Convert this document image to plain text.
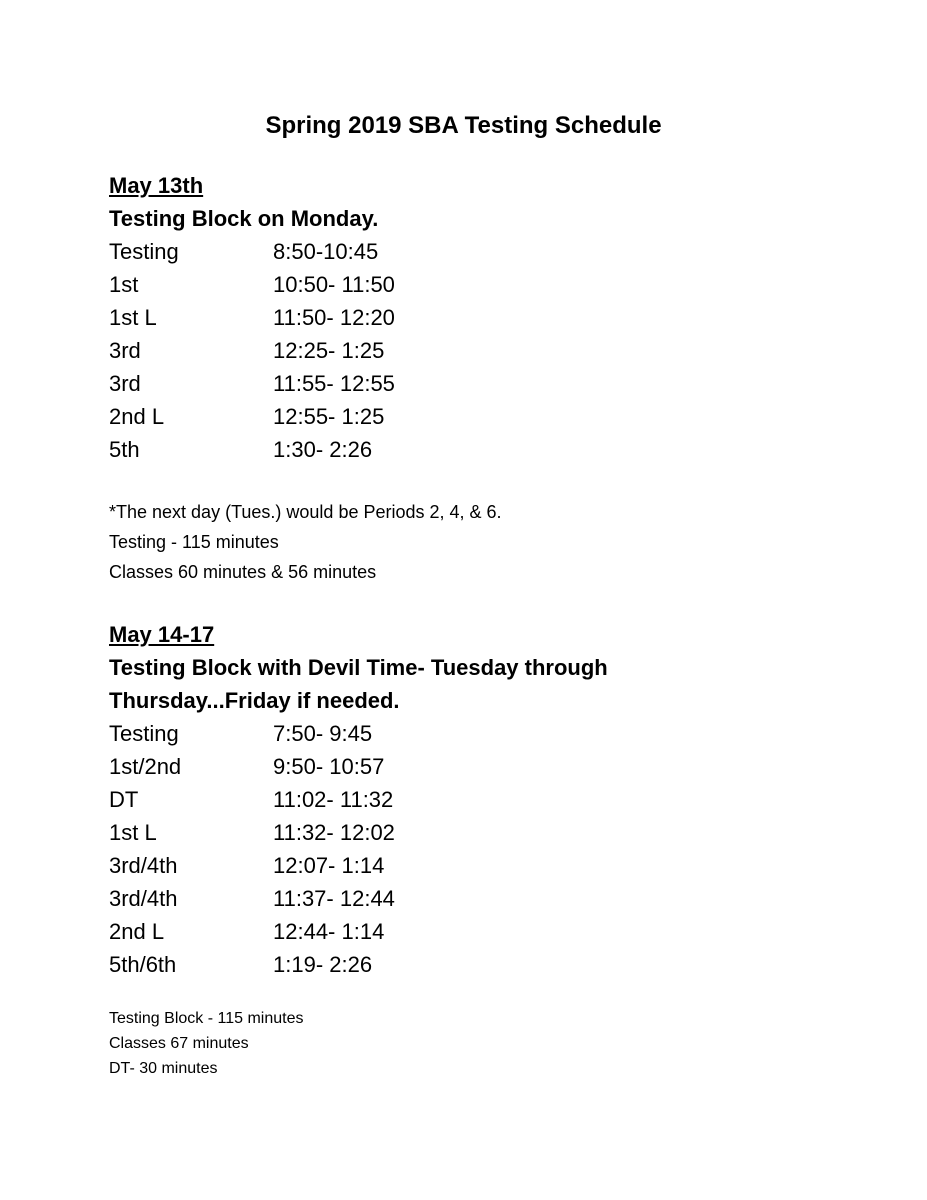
Spring 2019 SBA Testing Schedule
May 13th
Testing Block on Monday.
Testing	8:50-10:45
1st	10:50- 11:50
1st L	11:50- 12:20
3rd	12:25- 1:25
3rd	11:55- 12:55
2nd L	12:55- 1:25
5th	1:30- 2:26
*The next day (Tues.) would be Periods 2, 4, & 6.
Testing - 115 minutes
Classes 60 minutes & 56 minutes
May 14-17
Testing Block with Devil Time- Tuesday through
Thursday...Friday if needed.
Testing	7:50- 9:45
1st/2nd	9:50- 10:57
DT	11:02- 11:32
1st L	11:32- 12:02
3rd/4th	12:07- 1:14
3rd/4th	11:37- 12:44
2nd L	12:44- 1:14
5th/6th	1:19- 2:26
Testing Block - 115 minutes
Classes 67 minutes
DT- 30 minutes
